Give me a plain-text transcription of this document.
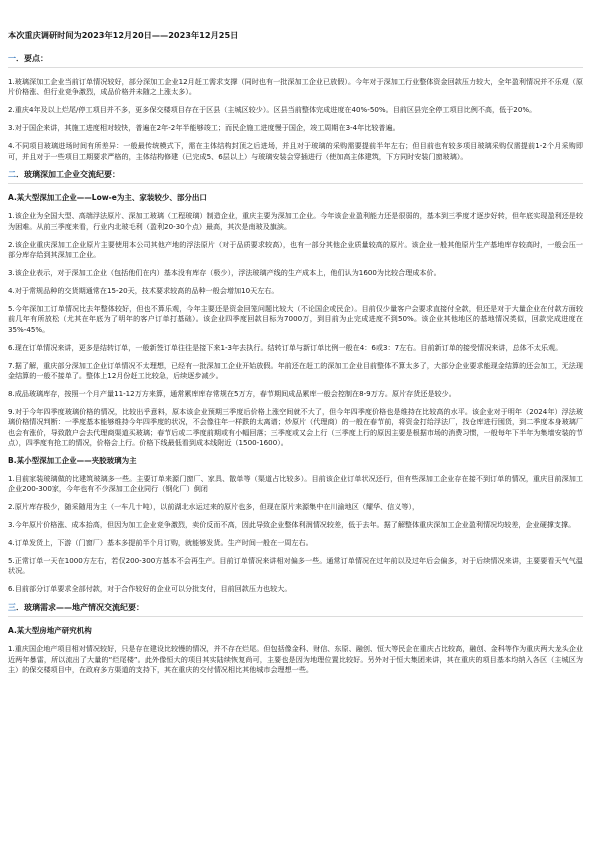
本次重庆调研时间为2023年12月20日——2023年12月25日
一．要点：

1.玻璃深加工企业当前订单情况较好，部分深加工企业12月赶工需求支撑（同时也有一批深加工企业已放假）。今年对于深加工行业整体资金回款压力较大，全年盈利情况并不乐观（原片价格涨、但行业竞争激烈，成品价格并未随之上涨太多）。

2.重庆4年及以上烂尾/停工项目并不多，更多保交楼项目存在于区县（主城区较少）。区县当前整体完成进度在40%-50%。目前区县完全停工项目比例不高，低于20%。

3.对于国企来讲，其施工进度相对较快，普遍在2年-2年半能够竣工；而民企施工进度慢于国企，竣工周期在3-4年比较普遍。

4.不同项目玻璃进场时间有所差异：一般最传统模式下，需在主体结构封顶之后进场，并且对于玻璃的采购需要提前半年左右；但目前也有较多项目玻璃采购仅需提前1-2个月采购即可，并且对于一些项目工期要求严格的，主体结构修建（已完成5、6层以上）与玻璃安装会穿插进行（使加高主体建筑，下方同时安装门窗玻璃）。

二．玻璃深加工企业交流纪要：
A.某大型深加工企业——Low-e为主、家装较少、部分出口

1.该企业为全国大型、高端浮法原片、深加工玻璃（工程玻璃）制造企业，重庆主要为深加工企业。今年该企业盈利能力还是很弱的，基本到三季度才逐步好转，但年底实现盈利还是较为困难。从前三季度来看，行业内北玻毛利（盈利20-30个点）最高，其次是南玻及旗滨。

2.该企业重庆深加工企业原片主要使用本公司其他产地的浮法原片（对于品质要求较高），也有一部分其他企业质量较高的原片。该企业一般其他原片生产基地库存较高时，一般会压一部分库存给到其深加工企业。

3.该企业表示，对于深加工企业（包括他们在内）基本没有库存（极少），浮法玻璃产线的生产成本上，他们认为1600为比较合理成本价。

4.对于常规品种的交货期通常在15-20天，技术要求较高的品种一般会增加10天左右。

5.今年深加工订单情况比去年整体较好，但也不算乐观，今年主要还是资金回笼问题比较大（不论国企或民企）。目前仅少量客户会要求直接付全款，但还是对于大量企业在付款方面较前几年有所放松（尤其在年底为了明年的客户订单打基础）。该企业四季度回款目标为7000万，到目前为止完成进度不到50%。该企业其他地区的基地情况类似，回款完成进度在35%-45%。

6.现在订单情况来讲，更多是结转订单，一般新签订单往往是接下来1-3年去执行。结转订单与新订单比例一般在4：6或3：7左右。目前新订单的接受情况来讲，总体不太乐观。

7.据了解，重庆部分深加工企业订单情况不太理想，已经有一批深加工企业开始放假。年前还在赶工的深加工企业目前整体不算太多了，大部分企业要求能现金结算的还会加工，无法现金结算的一般不接单了。整体上12月份赶工比较急，后续逐步减少。

8.成品玻璃库存，按照一个月产量11-12万方来算，通常累库库存常规在5万方，春节期间成品累库一般会控制在8-9万方。原片存货还是较少。

9.对于今年四季度玻璃价格的情况，比较出乎意料，原本该企业预期三季度后价格上涨空间就不大了，但今年四季度价格也是维持在比较高的水平。该企业对于明年（2024年）浮法玻璃价格情况判断：一季度基本能够维持今年四季度的状况，不会像往年一样跌的太离谱；炒原片（代理商）的一般在春节前，将资金打给浮法厂，找仓库进行囤货，到二季度本身玻璃厂也会有涨价，导致散户会去代理商渠道买玻璃；春节后或二季度前期或有小幅回落；三季度或又会上行（三季度上行的原因主要是根据市场的消费习惯，一般每年下半年为集墙安装的节点），四季度有抢工的情况，价格会上行。价格下线最低看到成本线附近（1500-1600）。

B.某小型深加工企业——夹胶玻璃为主

1.目前家装玻璃做的比建筑玻璃多一些。主要订单来源门窗厂、家具、散单等（渠道占比较多）。目前该企业订单状况还行，但有些深加工企业存在接不到订单的情况，重庆目前深加工企业200-300家，今年也有不少深加工企业同行（钢化厂）倒闭

2.原片库存极少，随采随用为主（一车几十吨），以前湖北水运过来的原片也多，但现在原片来源集中在川渝地区（耀华、信义等），

3.今年原片价格涨、成本抬高，但因为加工企业竞争激烈，卖价反而不高，因此导致企业整体利润情况较差，低于去年。据了解整体重庆深加工企业盈利情况均较差，企业硬撑支撑。

4.订单发货上，下游（门窗厂）基本多提前半个月订购，就能够发货。生产时间一般在一周左右。

5.正常订单一天在1000方左右，若仅200-300方基本不会再生产。目前订单情况来讲相对偏多一些。通常订单情况在过年前以及过年后会偏多，对于后续情况来讲，主要要看天气气温状况。

6.目前部分订单要求全部付款，对于合作较好的企业可以分批支付，目前回款压力也较大。

三．玻璃需求——地产情况交流纪要：
A.某大型房地产研究机构

1.重庆国企地产项目相对情况较好，只是存在建设比较慢的情况，并不存在烂尾。但包括像金科、财信、东原、融创、恒大等民企在重庆占比较高，融创、金科等作为重庆两大龙头企业近两年暴雷，所以流出了大量的“烂尾楼”。此外像恒大的项目其实陆续恢复尚可，主要也是因为地理位置比较好。另外对于恒大集团来讲，其在重庆的项目基本均纳入各区（主城区为主）的保交楼项目中，在政府多方渠道的支持下，其在重庆的交付情况相比其他城市会理想一些。
